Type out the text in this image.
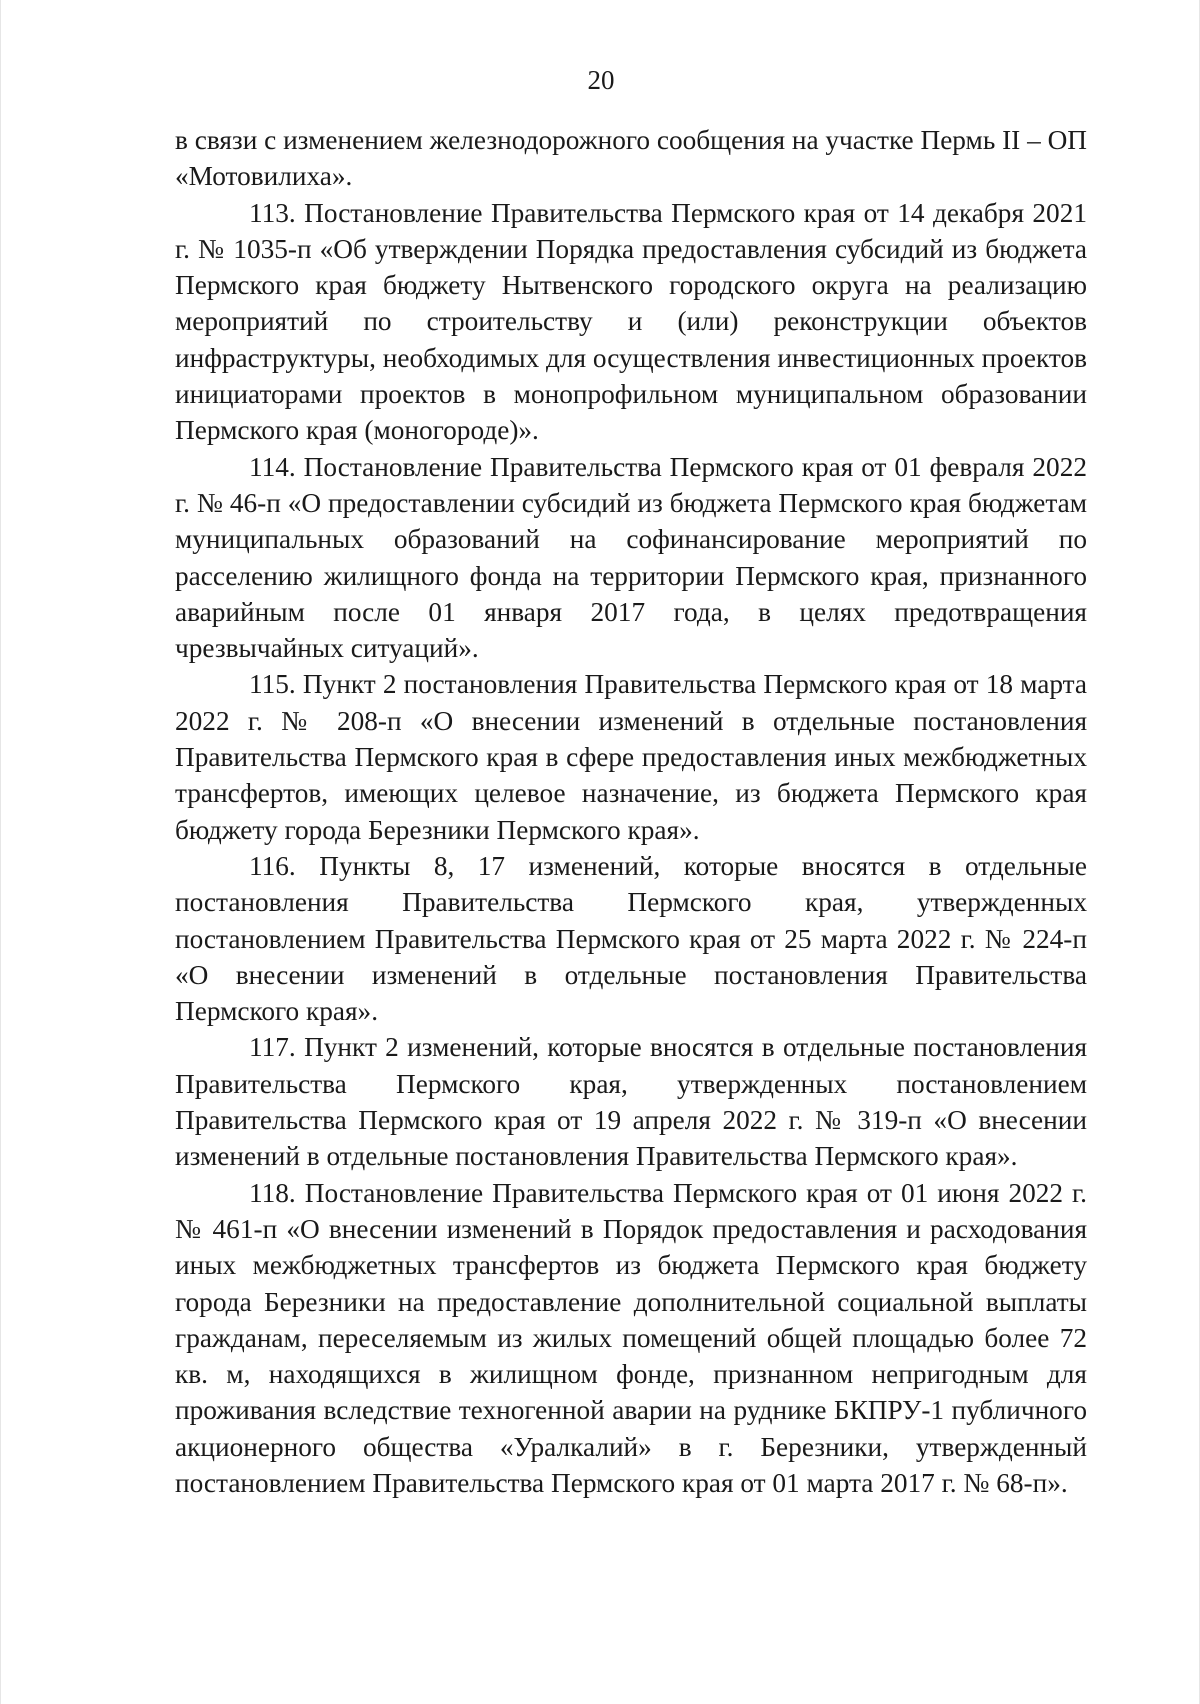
20

в связи с изменением железнодорожного сообщения на участке Пермь II – ОП «Мотовилиха».

113. Постановление Правительства Пермского края от 14 декабря 2021 г. № 1035-п «Об утверждении Порядка предоставления субсидий из бюджета Пермского края бюджету Нытвенского городского округа на реализацию мероприятий по строительству и (или) реконструкции объектов инфраструктуры, необходимых для осуществления инвестиционных проектов инициаторами проектов в монопрофильном муниципальном образовании Пермского края (моногороде)».

114. Постановление Правительства Пермского края от 01 февраля 2022 г. № 46-п «О предоставлении субсидий из бюджета Пермского края бюджетам муниципальных образований на софинансирование мероприятий по расселению жилищного фонда на территории Пермского края, признанного аварийным после 01 января 2017 года, в целях предотвращения чрезвычайных ситуаций».

115. Пункт 2 постановления Правительства Пермского края от 18 марта 2022 г. № 208-п «О внесении изменений в отдельные постановления Правительства Пермского края в сфере предоставления иных межбюджетных трансфертов, имеющих целевое назначение, из бюджета Пермского края бюджету города Березники Пермского края».

116. Пункты 8, 17 изменений, которые вносятся в отдельные постановления Правительства Пермского края, утвержденных постановлением Правительства Пермского края от 25 марта 2022 г. № 224-п «О внесении изменений в отдельные постановления Правительства Пермского края».

117. Пункт 2 изменений, которые вносятся в отдельные постановления Правительства Пермского края, утвержденных постановлением Правительства Пермского края от 19 апреля 2022 г. № 319-п «О внесении изменений в отдельные постановления Правительства Пермского края».

118. Постановление Правительства Пермского края от 01 июня 2022 г. № 461-п «О внесении изменений в Порядок предоставления и расходования иных межбюджетных трансфертов из бюджета Пермского края бюджету города Березники на предоставление дополнительной социальной выплаты гражданам, переселяемым из жилых помещений общей площадью более 72 кв. м, находящихся в жилищном фонде, признанном непригодным для проживания вследствие техногенной аварии на руднике БКПРУ-1 публичного акционерного общества «Уралкалий» в г. Березники, утвержденный постановлением Правительства Пермского края от 01 марта 2017 г. № 68-п».
